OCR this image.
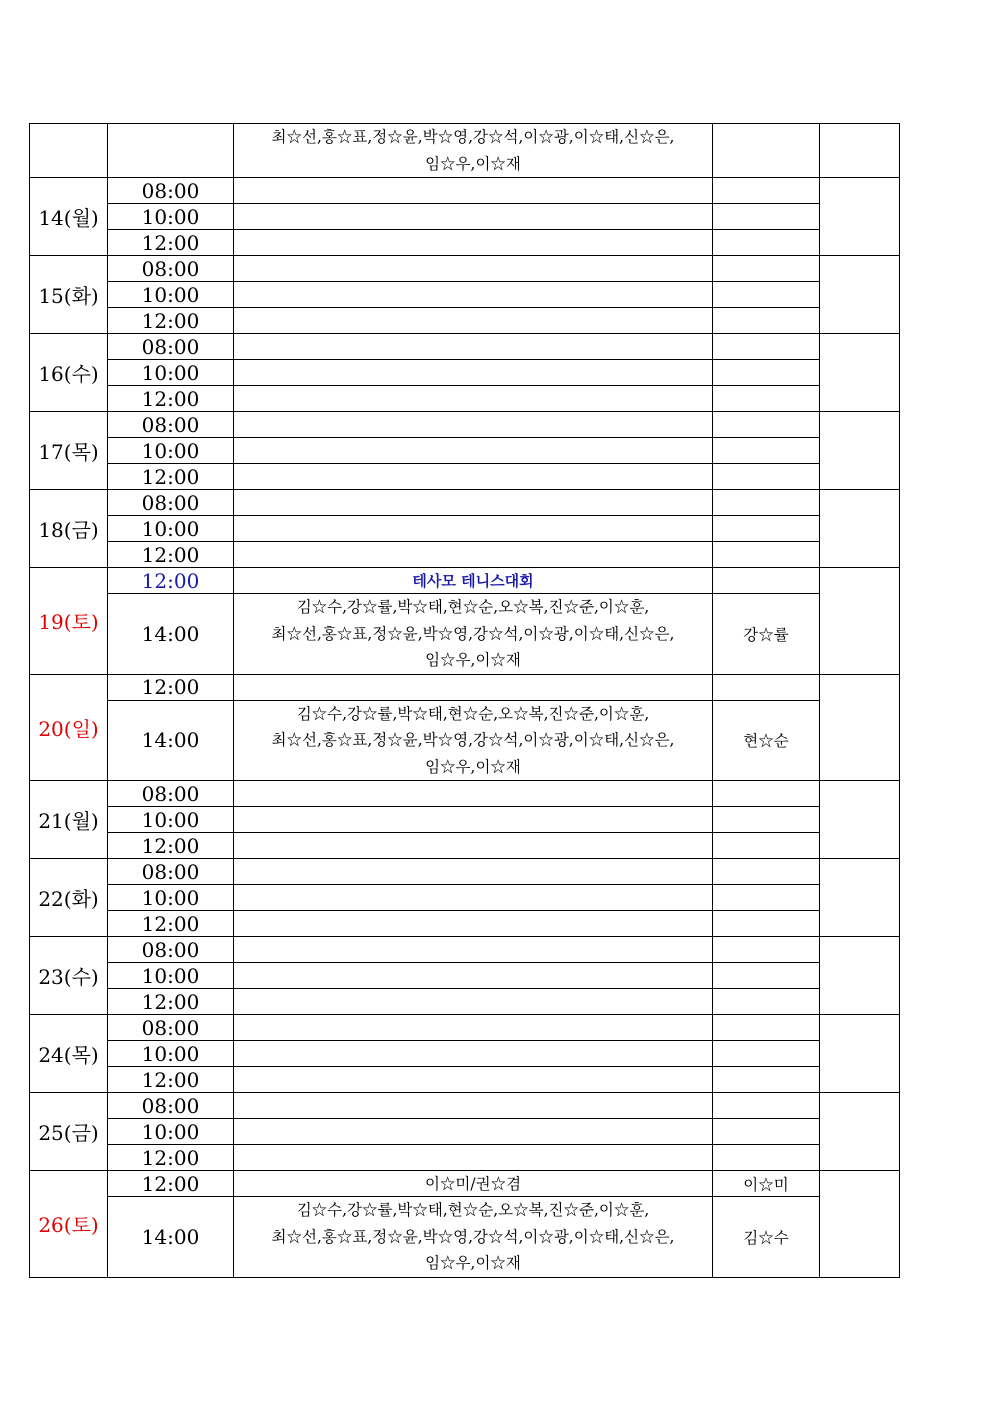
		최☆선,홍☆표,정☆윤,박☆영,강☆석,이☆광,이☆태,신☆은,
임☆우,이☆재		

14(월)	08:00			
	10:00			
	12:00			
15(화)	08:00			
	10:00			
	12:00			
16(수)	08:00			
	10:00			
	12:00			
17(목)	08:00			
	10:00			
	12:00			
18(금)	08:00			
	10:00			
	12:00			
19(토)	12:00	테사모 테니스대회		
	14:00	김☆수,강☆률,박☆태,현☆순,오☆복,진☆준,이☆훈,
최☆선,홍☆표,정☆윤,박☆영,강☆석,이☆광,이☆태,신☆은,
임☆우,이☆재	강☆률	
20(일)	12:00			
	14:00	김☆수,강☆률,박☆태,현☆순,오☆복,진☆준,이☆훈,
최☆선,홍☆표,정☆윤,박☆영,강☆석,이☆광,이☆태,신☆은,
임☆우,이☆재	현☆순	
21(월)	08:00			
	10:00			
	12:00			
22(화)	08:00			
	10:00			
	12:00			
23(수)	08:00			
	10:00			
	12:00			
24(목)	08:00			
	10:00			
	12:00			
25(금)	08:00			
	10:00			
	12:00			
26(토)	12:00	이☆미/권☆겸	이☆미	
	14:00	김☆수,강☆률,박☆태,현☆순,오☆복,진☆준,이☆훈,
최☆선,홍☆표,정☆윤,박☆영,강☆석,이☆광,이☆태,신☆은,
임☆우,이☆재	김☆수	
